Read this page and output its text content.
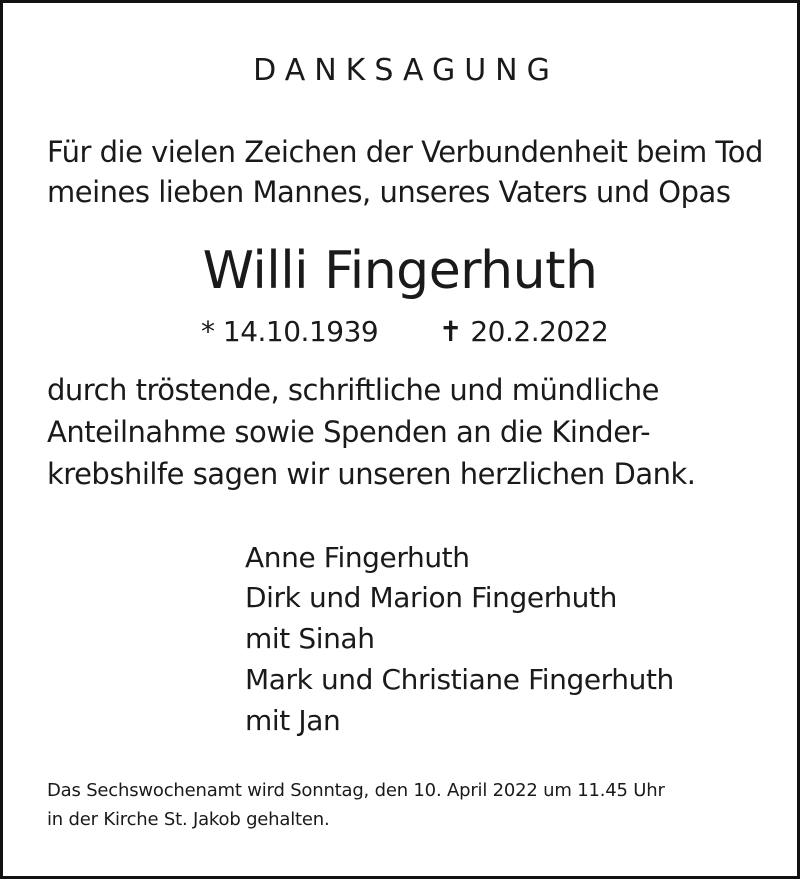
DANKSAGUNG
Für die vielen Zeichen der Verbundenheit beim Tod
meines lieben Mannes, unseres Vaters und Opas
Willi Fingerhuth
* 14.10.1939 ✝ 20.2.2022
durch tröstende, schriftliche und mündliche
Anteilnahme sowie Spenden an die Kinder-
krebshilfe sagen wir unseren herzlichen Dank.
Anne Fingerhuth
Dirk und Marion Fingerhuth
mit Sinah
Mark und Christiane Fingerhuth
mit Jan
Das Sechswochenamt wird Sonntag, den 10. April 2022 um 11.45 Uhr
in der Kirche St. Jakob gehalten.
